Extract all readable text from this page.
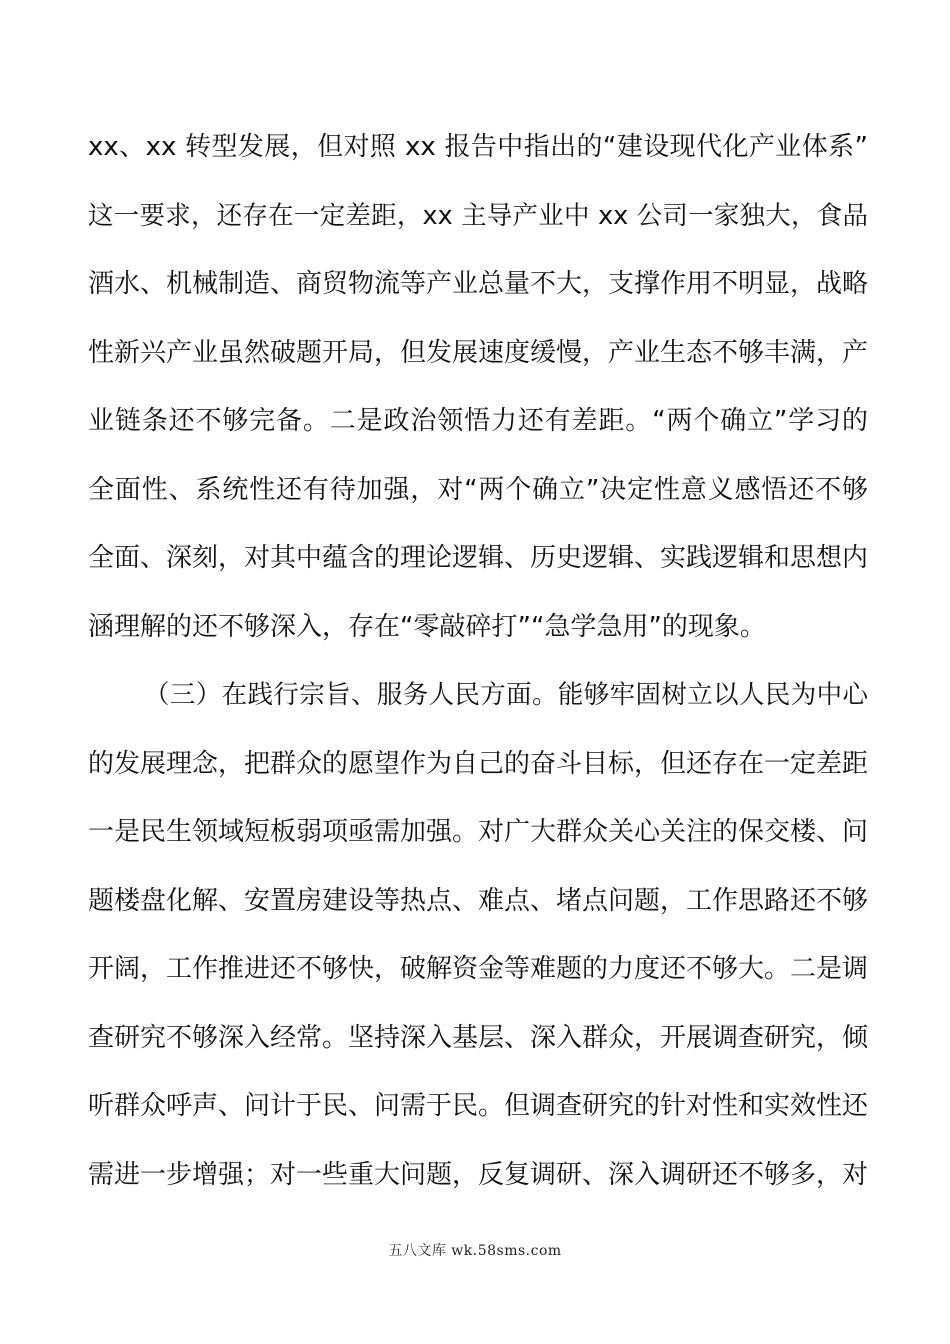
xx、xx 转型发展，但对照 xx 报告中指出的“建设现代化产业体系”
这一要求，还存在一定差距，xx 主导产业中 xx 公司一家独大，食品
酒水、机械制造、商贸物流等产业总量不大，支撑作用不明显，战略
性新兴产业虽然破题开局，但发展速度缓慢，产业生态不够丰满，产
业链条还不够完备。二是政治领悟力还有差距。“两个确立”学习的
全面性、系统性还有待加强，对“两个确立”决定性意义感悟还不够
全面、深刻，对其中蕴含的理论逻辑、历史逻辑、实践逻辑和思想内
涵理解的还不够深入，存在“零敲碎打”“急学急用”的现象。
（三）在践行宗旨、服务人民方面。能够牢固树立以人民为中心
的发展理念，把群众的愿望作为自己的奋斗目标，但还存在一定差距
一是民生领域短板弱项亟需加强。对广大群众关心关注的保交楼、问
题楼盘化解、安置房建设等热点、难点、堵点问题，工作思路还不够
开阔，工作推进还不够快，破解资金等难题的力度还不够大。二是调
查研究不够深入经常。坚持深入基层、深入群众，开展调查研究，倾
听群众呼声、问计于民、问需于民。但调查研究的针对性和实效性还
需进一步增强；对一些重大问题，反复调研、深入调研还不够多，对
五八文库 wk.58sms.com
